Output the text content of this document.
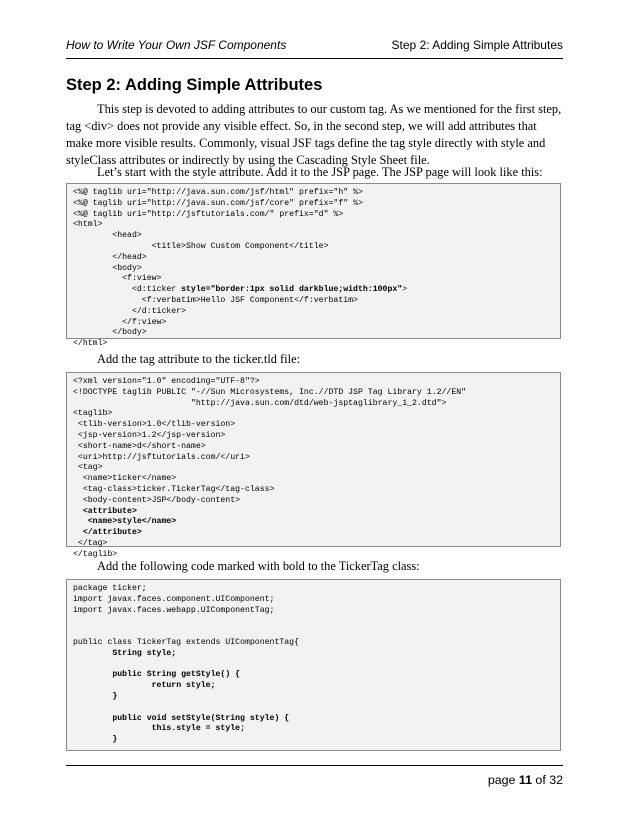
How to Write Your Own JSF Components	Step 2: Adding Simple Attributes
Step 2: Adding Simple Attributes

This step is devoted to adding attributes to our custom tag. As we mentioned for the first step, tag <div> does not provide any visible effect. So, in the second step, we will add attributes that make more visible results. Commonly, visual JSF tags define the tag style directly with style and styleClass attributes or indirectly by using the Cascading Style Sheet file.

Let’s start with the style attribute. Add it to the JSP page. The JSP page will look like this:

<%@ taglib uri="http://java.sun.com/jsf/html" prefix="h" %>
<%@ taglib uri="http://java.sun.com/jsf/core" prefix="f" %>
<%@ taglib uri="http://jsftutorials.com/" prefix="d" %>
<html>
<head>
<title>Show Custom Component</title>
</head>
<body>
<f:view>
<d:ticker style="border:1px solid darkblue;width:100px">
<f:verbatim>Hello JSF Component</f:verbatim>
</d:ticker>
</f:view>
</body>
</html>

Add the tag attribute to the ticker.tld file:

<?xml version="1.0" encoding="UTF-8"?>
<!DOCTYPE taglib PUBLIC "-//Sun Microsystems, Inc.//DTD JSP Tag Library 1.2//EN"
"http://java.sun.com/dtd/web-jsptaglibrary_1_2.dtd">
<taglib>
<tlib-version>1.0</tlib-version>
<jsp-version>1.2</jsp-version>
<short-name>d</short-name>
<uri>http://jsftutorials.com/</uri>
<tag>
<name>ticker</name>
<tag-class>ticker.TickerTag</tag-class>
<body-content>JSP</body-content>
<attribute>
<name>style</name>
</attribute>
</tag>
</taglib>

Add the following code marked with bold to the TickerTag class:

package ticker;
import javax.faces.component.UIComponent;
import javax.faces.webapp.UIComponentTag;
public class TickerTag extends UIComponentTag{
String style;
public String getStyle() {
return style;
}
public void setStyle(String style) {
this.style = style;
}
page 11 of 32
